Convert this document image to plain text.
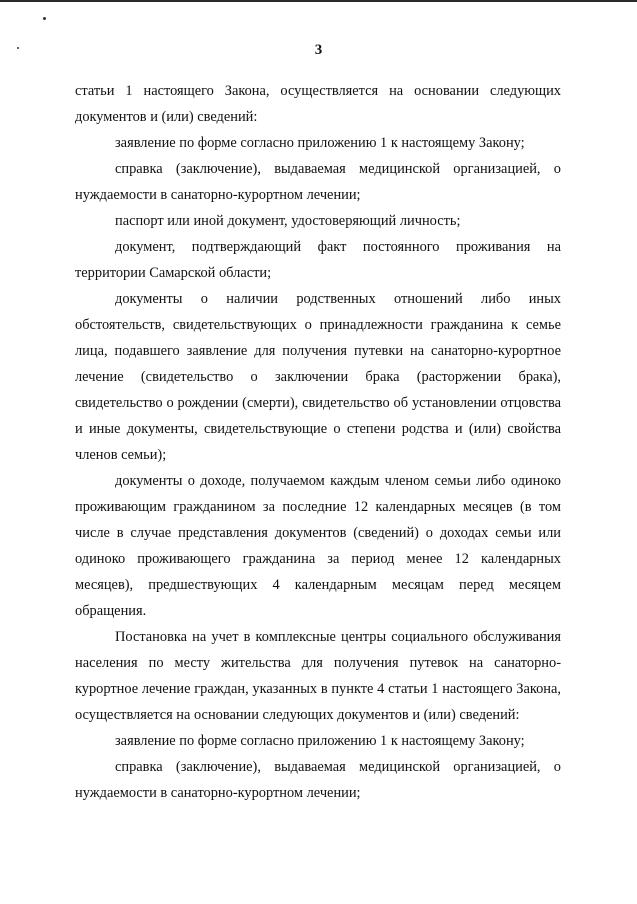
3

статьи 1 настоящего Закона, осуществляется на основании следующих документов и (или) сведений:

заявление по форме согласно приложению 1 к настоящему Закону;

справка (заключение), выдаваемая медицинской организацией, о нуждаемости в санаторно-курортном лечении;

паспорт или иной документ, удостоверяющий личность;

документ, подтверждающий факт постоянного проживания на территории Самарской области;

документы о наличии родственных отношений либо иных обстоятельств, свидетельствующих о принадлежности гражданина к семье лица, подавшего заявление для получения путевки на санаторно-курортное лечение (свидетельство о заключении брака (расторжении брака), свидетельство о рождении (смерти), свидетельство об установлении отцовства и иные документы, свидетельствующие о степени родства и (или) свойства членов семьи);

документы о доходе, получаемом каждым членом семьи либо одиноко проживающим гражданином за последние 12 календарных месяцев (в том числе в случае представления документов (сведений) о доходах семьи или одиноко проживающего гражданина за период менее 12 календарных месяцев), предшествующих 4 календарным месяцам перед месяцем обращения.

Постановка на учет в комплексные центры социального обслуживания населения по месту жительства для получения путевок на санаторно-курортное лечение граждан, указанных в пункте 4 статьи 1 настоящего Закона, осуществляется на основании следующих документов и (или) сведений:

заявление по форме согласно приложению 1 к настоящему Закону;

справка (заключение), выдаваемая медицинской организацией, о нуждаемости в санаторно-курортном лечении;
